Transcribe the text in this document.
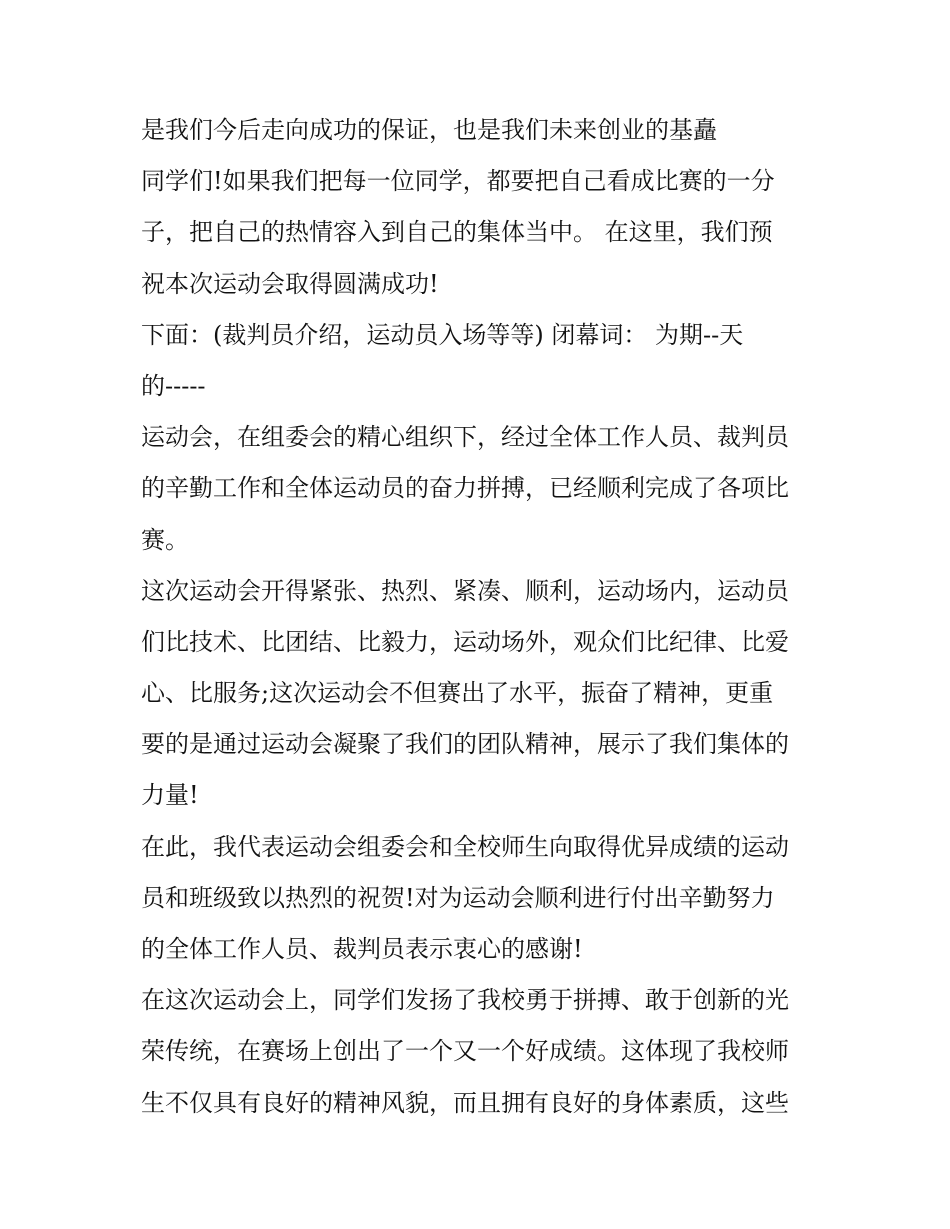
是我们今后走向成功的保证，也是我们未来创业的基矗
同学们!如果我们把每一位同学，都要把自己看成比赛的一分
子，把自己的热情容入到自己的集体当中。 在这里，我们预
祝本次运动会取得圆满成功!
下面：(裁判员介绍，运动员入场等等) 闭幕词： 为期--天
的-----
运动会，在组委会的精心组织下，经过全体工作人员、裁判员
的辛勤工作和全体运动员的奋力拼搏，已经顺利完成了各项比
赛。
这次运动会开得紧张、热烈、紧凑、顺利，运动场内，运动员
们比技术、比团结、比毅力，运动场外，观众们比纪律、比爱
心、比服务;这次运动会不但赛出了水平，振奋了精神，更重
要的是通过运动会凝聚了我们的团队精神，展示了我们集体的
力量!
在此，我代表运动会组委会和全校师生向取得优异成绩的运动
员和班级致以热烈的祝贺!对为运动会顺利进行付出辛勤努力
的全体工作人员、裁判员表示衷心的感谢!
在这次运动会上，同学们发扬了我校勇于拼搏、敢于创新的光
荣传统，在赛场上创出了一个又一个好成绩。这体现了我校师
生不仅具有良好的精神风貌，而且拥有良好的身体素质，这些
